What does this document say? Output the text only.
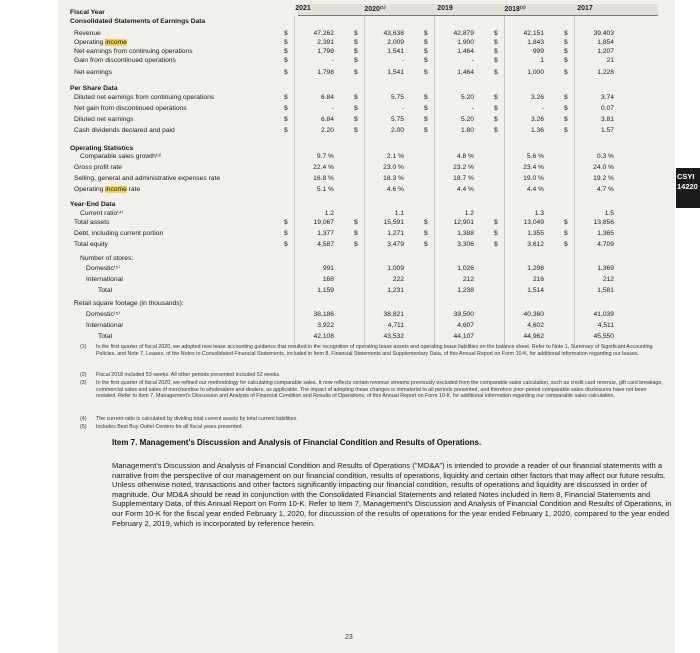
2021	2020⁽¹⁾	2019	2018⁽²⁾	2017
Fiscal Year
Consolidated Statements of Earnings Data
Revenue	$	47,262	$	43,638	$	42,879	$	42,151	$	39,403
Operating income	$	2,391	$	2,009	$	1,900	$	1,843	$	1,854
Net earnings from continuing operations	$	1,798	$	1,541	$	1,464	$	999	$	1,207
Gain from discontinued operations	$	-	$	-	$	-	$	1	$	21
Net earnings	$	1,798	$	1,541	$	1,464	$	1,000	$	1,228
Diluted net earnings from continuing operations	$	6.84	$	5.75	$	5.20	$	3.26	$	3.74
Net gain from discontinued operations	$	-	$	-	$	-	$	-	$	0.07
Diluted net earnings	$	6.84	$	5.75	$	5.20	$	3.26	$	3.81
Cash dividends declared and paid	$	2.20	$	2.00	$	1.80	$	1.36	$	1.57
Comparable sales growth⁽³⁾	9.7 %	2.1 %	4.8 %	5.6 %	0.3 %
Gross profit rate	22.4 %	23.0 %	23.2 %	23.4 %	24.0 %
Selling, general and administrative expenses rate	16.8 %	18.3 %	18.7 %	19.0 %	19.2 %
Operating income rate	5.1 %	4.6 %	4.4 %	4.4 %	4.7 %
Current ratio⁽⁴⁾	1.2	1.1	1.2	1.3	1.5
Total assets	$	19,067	$	15,591	$	12,901	$	13,049	$	13,856
Debt, including current portion	$	1,377	$	1,271	$	1,388	$	1,355	$	1,365
Total equity	$	4,587	$	3,479	$	3,306	$	3,612	$	4,709
Domestic⁽⁵⁾	991	1,009	1,026	1,298	1,369
International	168	222	212	216	212
Total	1,159	1,231	1,238	1,514	1,581
Domestic⁽⁵⁾	38,186	38,821	39,500	40,360	41,039
International	3,922	4,711	4,607	4,602	4,511
Total	42,108	43,532	44,107	44,962	45,550
Per Share Data
Operating Statistics
Year-End Data
Number of stores:
Retail square footage (in thousands):
(1) In the first quarter of fiscal 2020, we adopted new lease accounting guidance that resulted in the recognition of operating lease assets and operating lease liabilities on the balance sheet. Refer to Note 1, Summary of Significant Accounting Policies, and Note 7, Leases, of the Notes to Consolidated Financial Statements, included in Item 8, Financial Statements and Supplementary Data, of this Annual Report on Form 10-K, for additional information regarding our leases.
(2) Fiscal 2018 included 53 weeks. All other periods presented included 52 weeks.
(3) In the first quarter of fiscal 2020, we refined our methodology for calculating comparable sales. It now reflects certain revenue streams previously excluded from the comparable sales calculation, such as credit card revenue, gift card breakage, commercial sales and sales of merchandise to wholesalers and dealers, as applicable. The impact of adopting these changes is immaterial to all periods presented, and therefore prior-period comparable sales disclosures have not been restated. Refer to Item 7, Management's Discussion and Analysis of Financial Condition and Results of Operations, of this Annual Report on Form 10-K, for additional information regarding our comparable sales calculation.
(4) The current ratio is calculated by dividing total current assets by total current liabilities.
(5) Includes Best Buy Outlet Centers for all fiscal years presented.
Item 7. Management's Discussion and Analysis of Financial Condition and Results of Operations.
Management's Discussion and Analysis of Financial Condition and Results of Operations ("MD&A") is intended to provide a reader of our financial statements with a narrative from the perspective of our management on our financial condition, results of operations, liquidity and certain other factors that may affect our future results. Unless otherwise noted, transactions and other factors significantly impacting our financial condition, results of operations and liquidity are discussed in order of magnitude. Our MD&A should be read in conjunction with the Consolidated Financial Statements and related Notes included in Item 8, Financial Statements and Supplementary Data, of this Annual Report on Form 10-K. Refer to Item 7, Management's Discussion and Analysis of Financial Condition and Results of Operations, in our Form 10-K for the fiscal year ended February 1, 2020, for discussion of the results of operations for the year ended February 1, 2020, compared to the year ended February 2, 2019, which is incorporated by reference herein.
23
CSYI
14220
